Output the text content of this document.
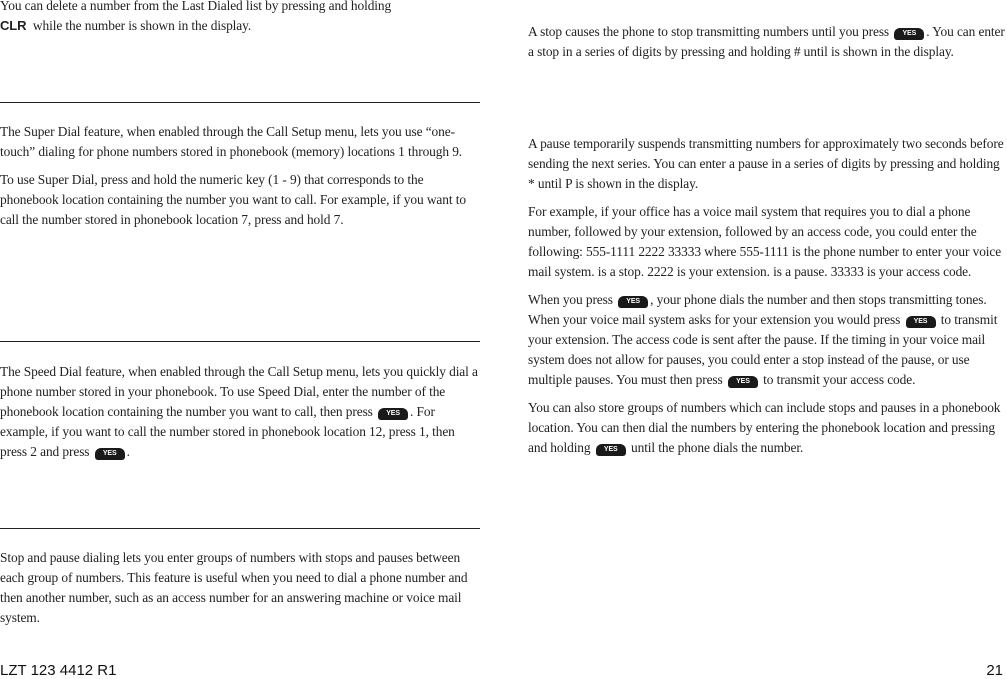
You can delete a number from the Last Dialed list by pressing and holding
CLR while the number is shown in the display.

The Super Dial feature, when enabled through the Call Setup menu, lets you use “one-touch” dialing for phone numbers stored in phonebook (memory) locations 1 through 9.

To use Super Dial, press and hold the numeric key (1 - 9) that corresponds to the phonebook location containing the number you want to call. For example, if you want to call the number stored in phonebook location 7, press and hold 7.

The Speed Dial feature, when enabled through the Call Setup menu, lets you quickly dial a phone number stored in your phonebook. To use Speed Dial, enter the number of the phonebook location containing the number you want to call, then press YES . For example, if you want to call the number stored in phonebook location 12, press 1, then press 2 and press YES .

Stop and pause dialing lets you enter groups of numbers with stops and pauses between each group of numbers. This feature is useful when you need to dial a phone number and then another number, such as an access number for an answering machine or voice mail system.

A stop causes the phone to stop transmitting numbers until you press YES . You can enter a stop in a series of digits by pressing and holding # until is shown in the display.

A pause temporarily suspends transmitting numbers for approximately two seconds before sending the next series. You can enter a pause in a series of digits by pressing and holding * until P is shown in the display.

For example, if your office has a voice mail system that requires you to dial a phone number, followed by your extension, followed by an access code, you could enter the following: 555-1111 2222 33333 where 555-1111 is the phone number to enter your voice mail system. is a stop. 2222 is your extension. is a pause. 33333 is your access code.

When you press YES , your phone dials the number and then stops transmitting tones. When your voice mail system asks for your extension you would press YES to transmit your extension. The access code is sent after the pause. If the timing in your voice mail system does not allow for pauses, you could enter a stop instead of the pause, or use multiple pauses. You must then press YES to transmit your access code.

You can also store groups of numbers which can include stops and pauses in a phonebook location. You can then dial the numbers by entering the phonebook location and pressing and holding YES until the phone dials the number.

LZT 123 4412 R1	21
